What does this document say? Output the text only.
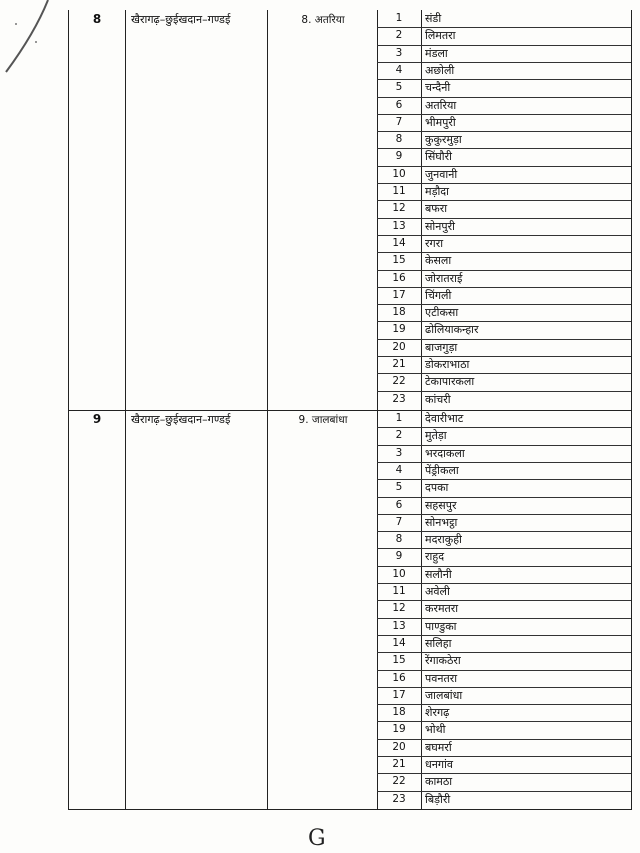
8	खैरागढ़–छुईखदान–गण्डई	8. अतरिया	1	संडी
2	लिमतरा
3	मंडला
4	अछोली
5	चन्दैनी
6	अतरिया
7	भीमपुरी
8	कुकुरमुड़ा
9	सिंघौरी
10	जुनवानी
11	मड़ौदा
12	बफरा
13	सोनपुरी
14	रगरा
15	केसला
16	जोरातराई
17	चिंगली
18	एटीकसा
19	ढोलियाकन्हार
20	बाजगुड़ा
21	डोकराभाठा
22	टेकापारकला
23	कांचरी
9	खैरागढ़–छुईखदान–गण्डई	9. जालबांधा	1	देवारीभाट
2	मुतेड़ा
3	भरदाकला
4	पेंड्रीकला
5	दपका
6	सहसपुर
7	सोनभट्ठा
8	मदराकुही
9	राहुद
10	सलौनी
11	अवेली
12	करमतरा
13	पाण्डुका
14	सलिहा
15	रेंगाकठेरा
16	पवनतरा
17	जालबांधा
18	शेरगढ़
19	भोथी
20	बघमर्रा
21	धनगांव
22	कामठा
23	बिड़ौरी
G
